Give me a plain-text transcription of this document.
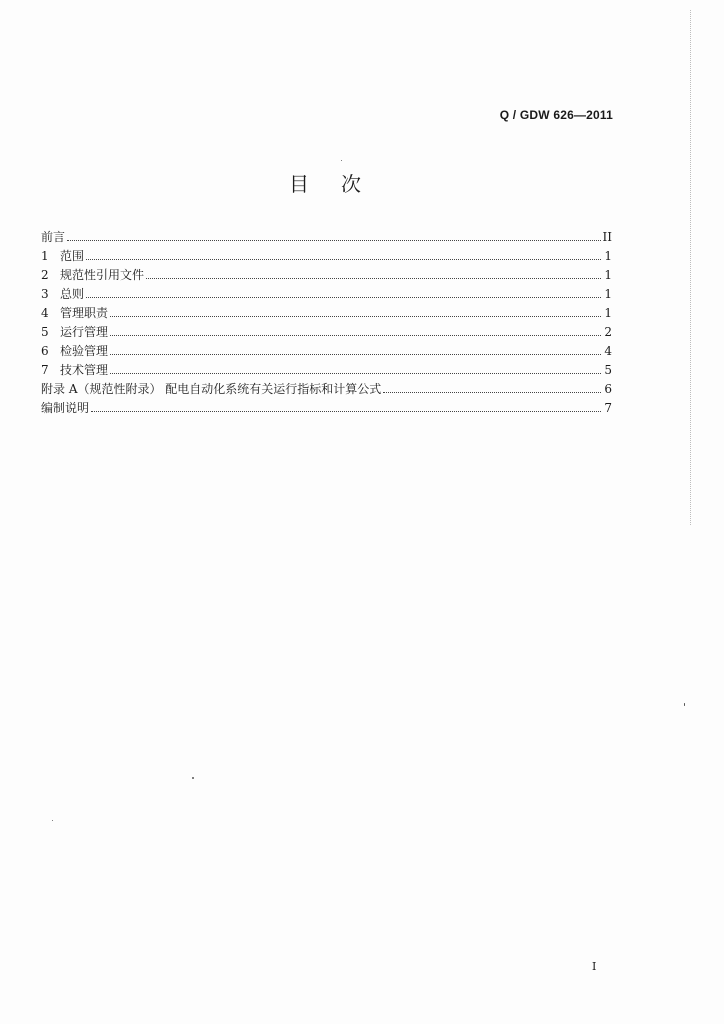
Q / GDW 626—2011
目 次
前言	II
1 范围	1
2 规范性引用文件	1
3 总则	1
4 管理职责	1
5 运行管理	2
6 检验管理	4
7 技术管理	5
附录 A（规范性附录） 配电自动化系统有关运行指标和计算公式	6
编制说明	7
I
